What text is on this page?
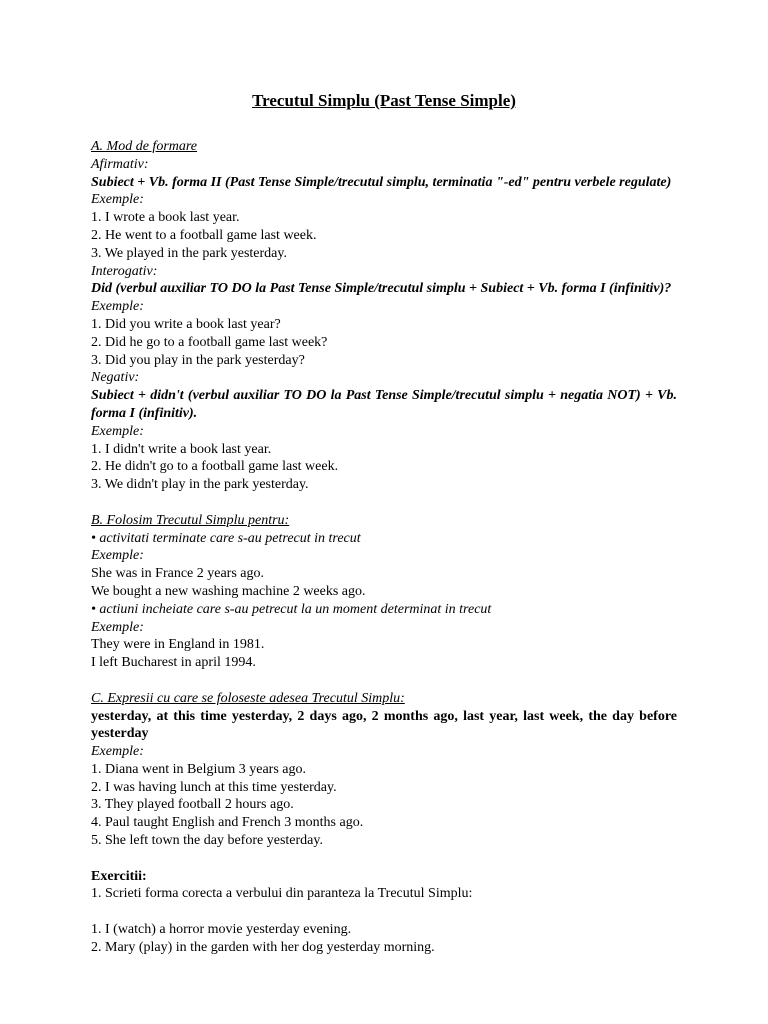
Trecutul Simplu (Past Tense Simple)

A. Mod de formare

Afirmativ:

Subiect + Vb. forma II (Past Tense Simple/trecutul simplu, terminatia "-ed" pentru verbele regulate)

Exemple:

1. I wrote a book last year.

2. He went to a football game last week.

3. We played in the park yesterday.

Interogativ:

Did (verbul auxiliar TO DO la Past Tense Simple/trecutul simplu + Subiect + Vb. forma I (infinitiv)?

Exemple:

1. Did you write a book last year?

2. Did he go to a football game last week?

3. Did you play in the park yesterday?

Negativ:

Subiect + didn't (verbul auxiliar TO DO la Past Tense Simple/trecutul simplu + negatia NOT) + Vb. forma I (infinitiv).

Exemple:

1. I didn't write a book last year.

2. He didn't go to a football game last week.

3. We didn't play in the park yesterday.

B. Folosim Trecutul Simplu pentru:

• activitati terminate care s-au petrecut in trecut

Exemple:

She was in France 2 years ago.

We bought a new washing machine 2 weeks ago.

• actiuni incheiate care s-au petrecut la un moment determinat in trecut

Exemple:

They were in England in 1981.

I left Bucharest in april 1994.

C. Expresii cu care se foloseste adesea Trecutul Simplu:

yesterday, at this time yesterday, 2 days ago, 2 months ago, last year, last week, the day before yesterday

Exemple:

1. Diana went in Belgium 3 years ago.

2. I was having lunch at this time yesterday.

3. They played football 2 hours ago.

4. Paul taught English and French 3 months ago.

5. She left town the day before yesterday.

Exercitii:

1. Scrieti forma corecta a verbului din paranteza la Trecutul Simplu:

1. I (watch) a horror movie yesterday evening.

2. Mary (play) in the garden with her dog yesterday morning.
